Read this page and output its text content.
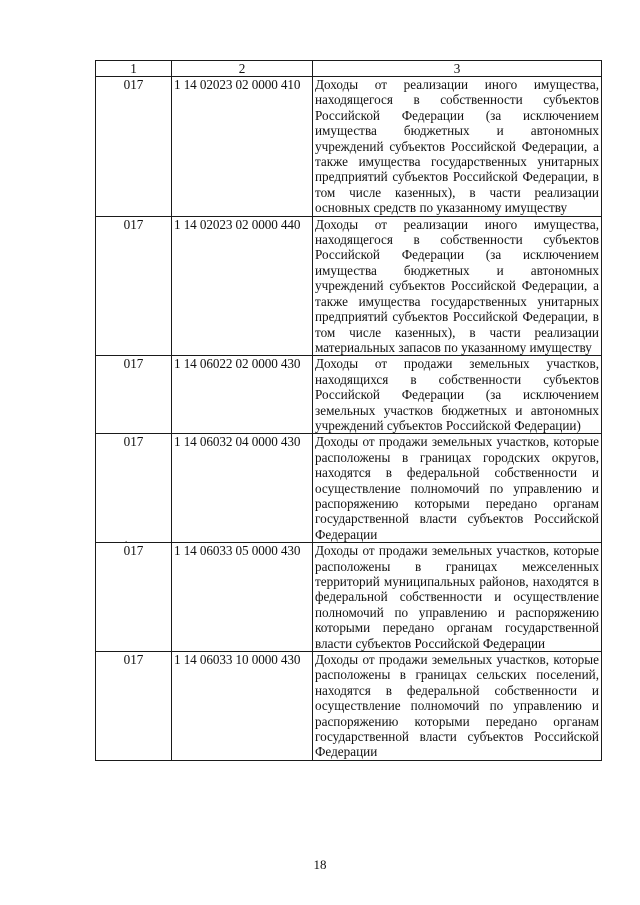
1	2	3
017	1 14 02023 02 0000 410	Доходы от реализации иного имущества, находящегося в собственности субъектов Российской Федерации (за исключением имущества бюджетных и автономных учреждений субъектов Российской Федерации, а также имущества государственных унитарных предприятий субъектов Российской Федерации, в том числе казенных), в части реализации основных средств по указанному имуществу
017	1 14 02023 02 0000 440	Доходы от реализации иного имущества, находящегося в собственности субъектов Российской Федерации (за исключением имущества бюджетных и автономных учреждений субъектов Российской Федерации, а также имущества государственных унитарных предприятий субъектов Российской Федерации, в том числе казенных), в части реализации материальных запасов по указанному имуществу
017	1 14 06022 02 0000 430	Доходы от продажи земельных участков, находящихся в собственности субъектов Российской Федерации (за исключением земельных участков бюджетных и автономных учреждений субъектов Российской Федерации)
017	1 14 06032 04 0000 430	Доходы от продажи земельных участков, которые расположены в границах городских округов, находятся в федеральной собственности и осуществление полномочий по управлению и распоряжению которыми передано органам государственной власти субъектов Российской Федерации
017	1 14 06033 05 0000 430	Доходы от продажи земельных участков, которые расположены в границах межселенных территорий муниципальных районов, находятся в федеральной собственности и осуществление полномочий по управлению и распоряжению которыми передано органам государственной власти субъектов Российской Федерации
017	1 14 06033 10 0000 430	Доходы от продажи земельных участков, которые расположены в границах сельских поселений, находятся в федеральной собственности и осуществление полномочий по управлению и распоряжению которыми передано органам государственной власти субъектов Российской Федерации
.
18
